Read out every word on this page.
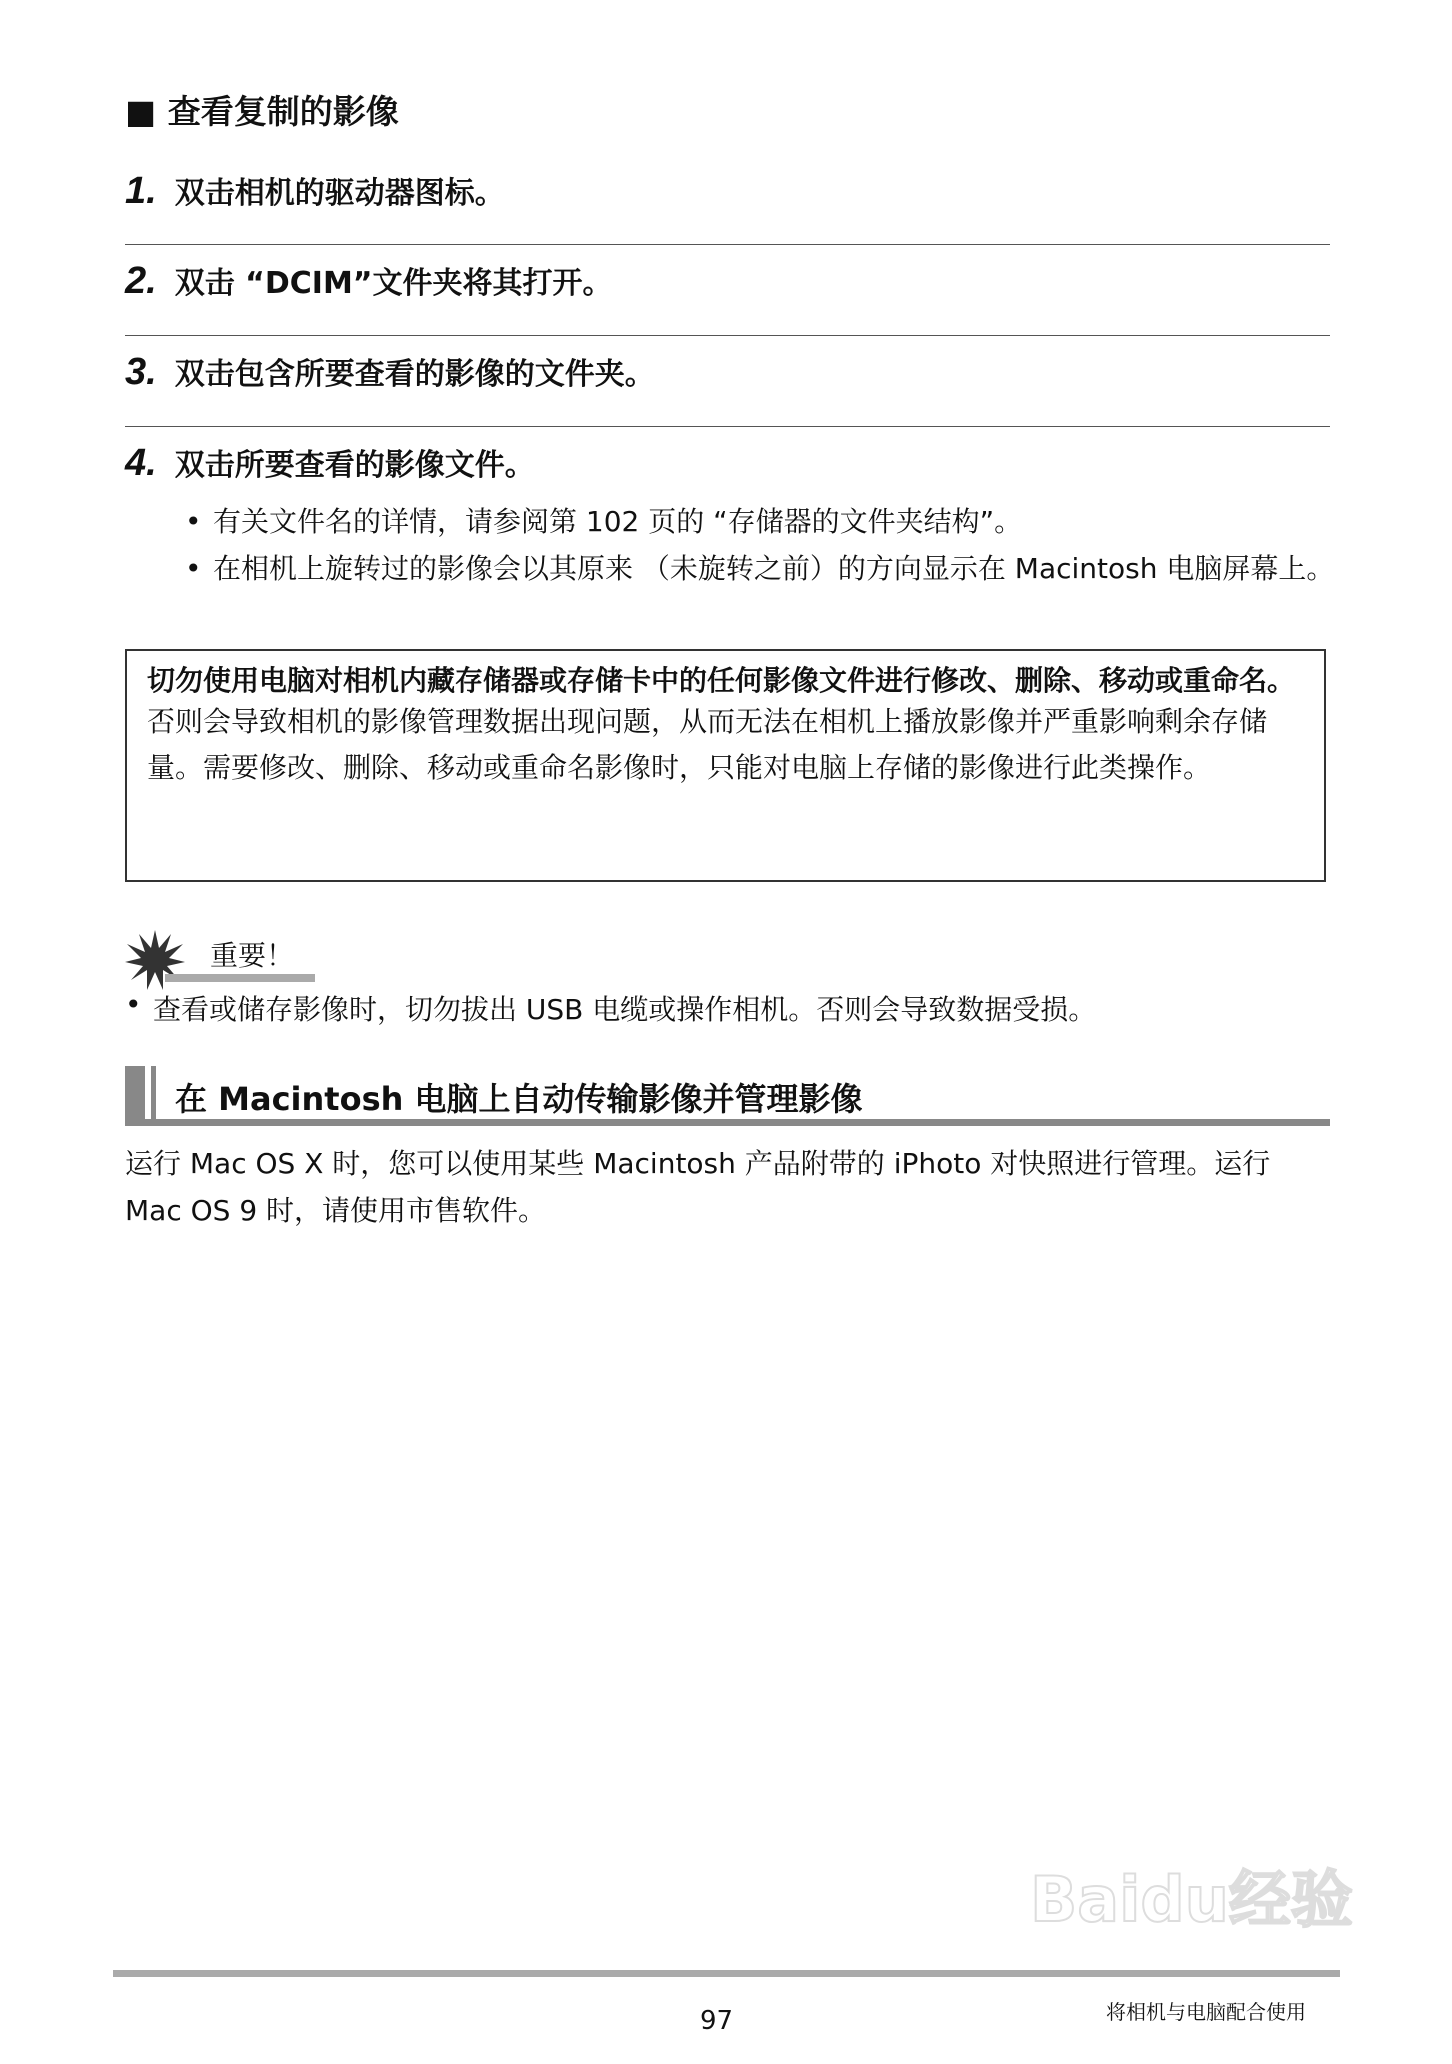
■ 查看复制的影像
1. 双击相机的驱动器图标。
2. 双击 “DCIM”文件夹将其打开。
3. 双击包含所要查看的影像的文件夹。
4. 双击所要查看的影像文件。
• 有关文件名的详情，请参阅第 102 页的 “存储器的文件夹结构”。
• 在相机上旋转过的影像会以其原来 （未旋转之前）的方向显示在 Macintosh 电脑屏幕上。
切勿使用电脑对相机内藏存储器或存储卡中的任何影像文件进行修改、删除、移动或重命名。
否则会导致相机的影像管理数据出现问题，从而无法在相机上播放影像并严重影响剩余存储量。需要修改、删除、移动或重命名影像时，只能对电脑上存储的影像进行此类操作。
重要！
• 查看或储存影像时，切勿拔出 USB 电缆或操作相机。否则会导致数据受损。
在 Macintosh 电脑上自动传输影像并管理影像
运行 Mac OS X 时，您可以使用某些 Macintosh 产品附带的 iPhoto 对快照进行管理。运行 Mac OS 9 时，请使用市售软件。
Baidu经验
97	将相机与电脑配合使用
